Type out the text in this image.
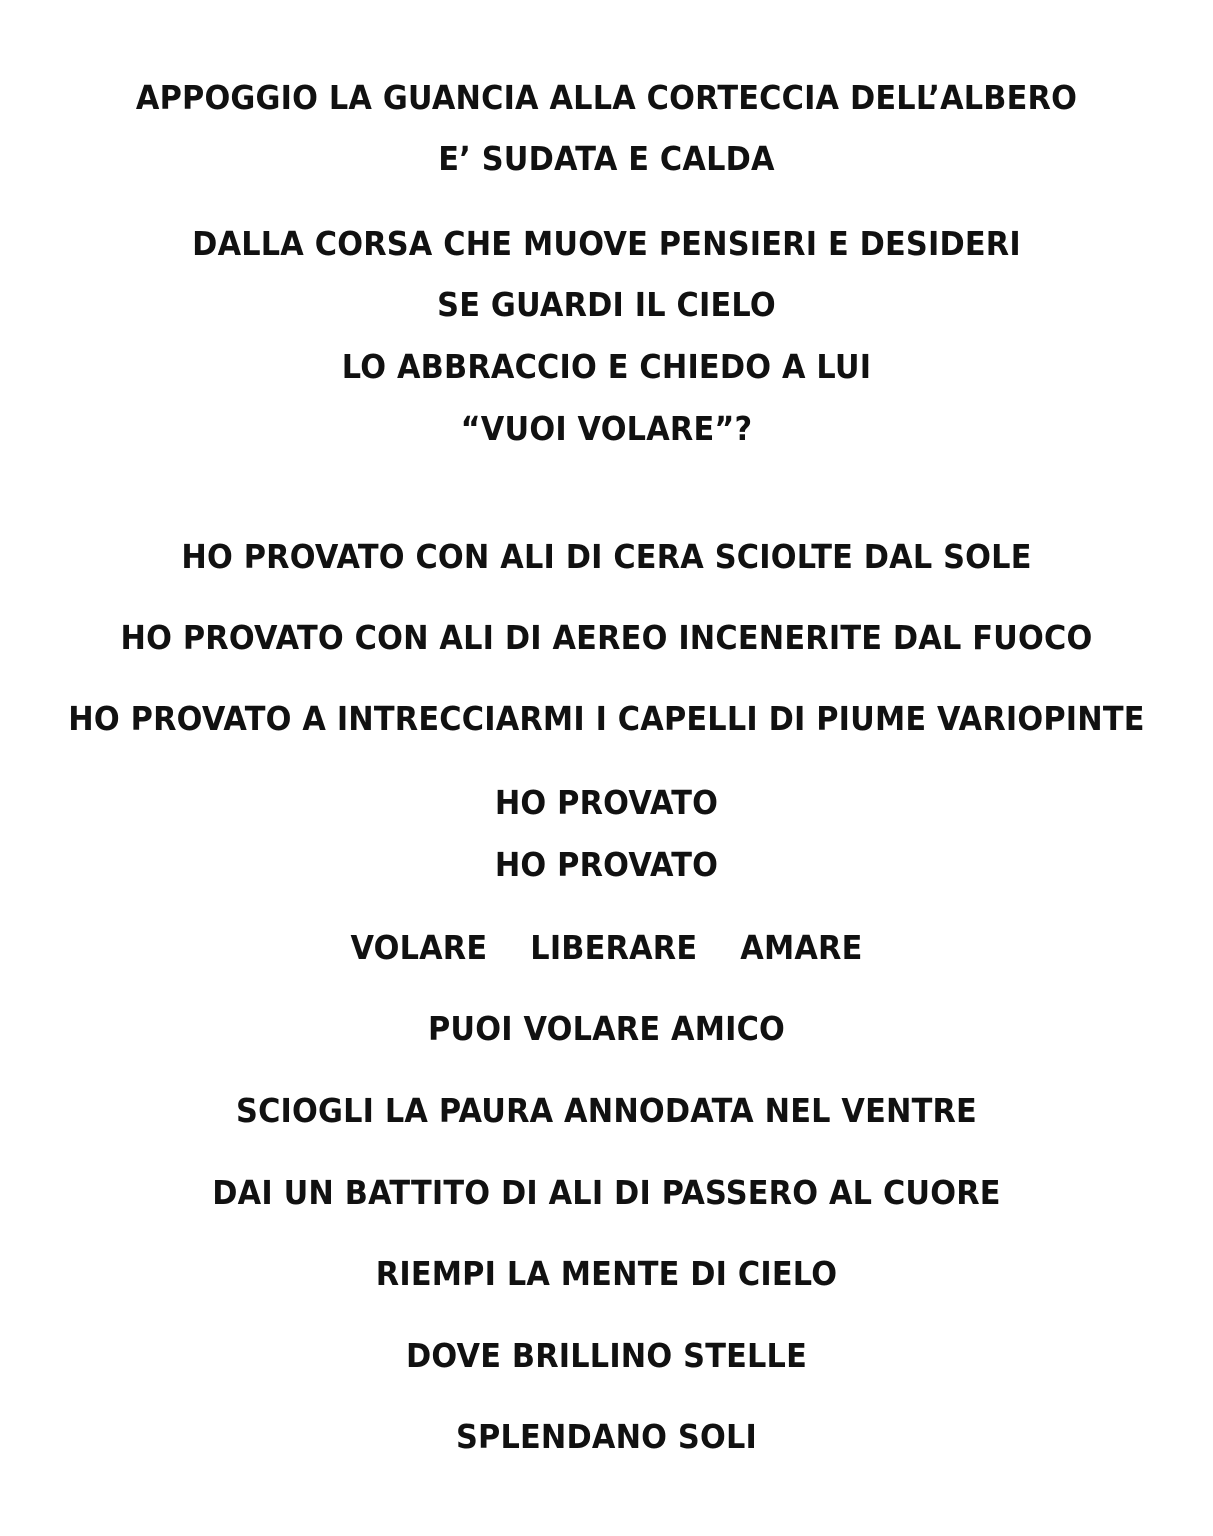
APPOGGIO LA GUANCIA ALLA CORTECCIA DELL’ALBERO
E’ SUDATA E CALDA
DALLA CORSA CHE MUOVE PENSIERI E DESIDERI
SE GUARDI IL CIELO
LO ABBRACCIO E CHIEDO A LUI
“VUOI VOLARE”?
HO PROVATO CON ALI DI CERA SCIOLTE DAL SOLE
HO PROVATO CON ALI DI AEREO INCENERITE DAL FUOCO
HO PROVATO A INTRECCIARMI I CAPELLI DI PIUME VARIOPINTE
HO PROVATO
HO PROVATO
VOLARE    LIBERARE    AMARE
PUOI VOLARE AMICO
SCIOGLI LA PAURA ANNODATA NEL VENTRE
DAI UN BATTITO DI ALI DI PASSERO AL CUORE
RIEMPI LA MENTE DI CIELO
DOVE BRILLINO STELLE
SPLENDANO SOLI
